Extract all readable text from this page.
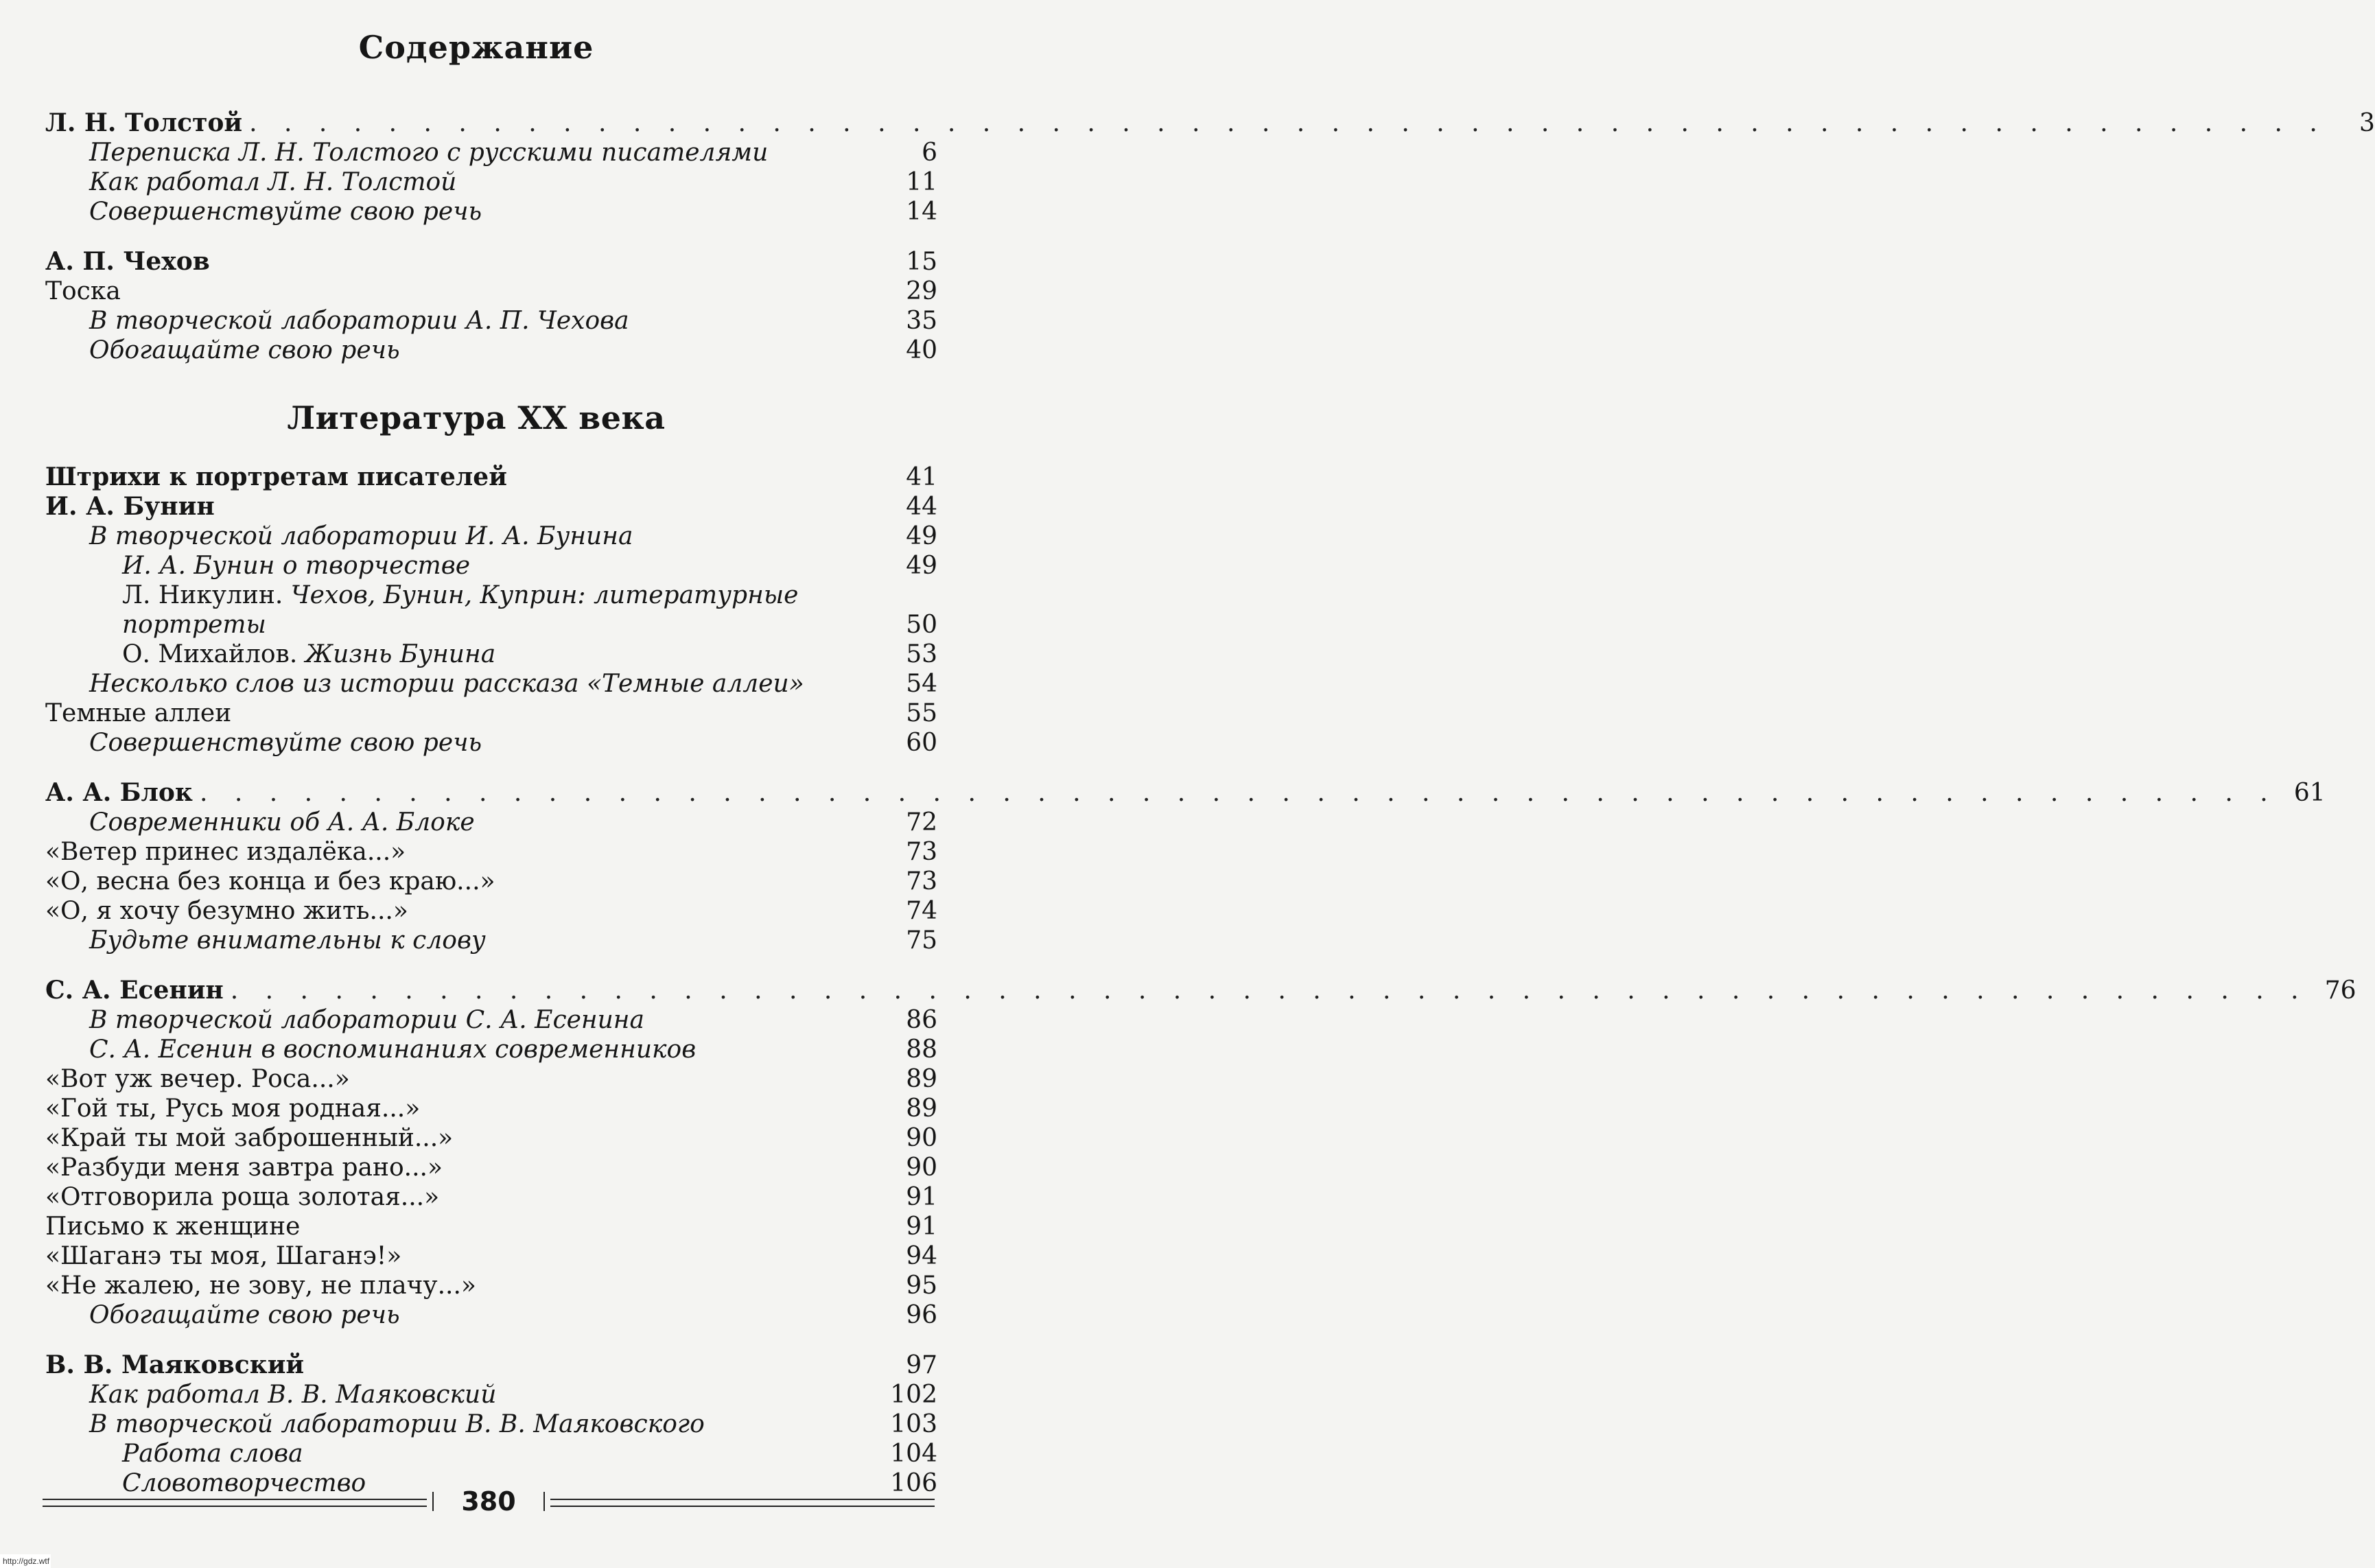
Содержание
Л. Н. Толстой . . . . . . . . . . . . . . . . . . . . . . . . . . . . . . . . . . . . . . . . . . . . . . . . . . . . . . . . . . . .	3
Переписка Л. Н. Толстого с русскими писателями	6
Как работал Л. Н. Толстой	11
Совершенствуйте свою речь	14
А. П. Чехов	15
Тоска	29
В творческой лаборатории А. П. Чехова	35
Обогащайте свою речь	40
Литература XX века
Штрихи к портретам писателей	41
И. А. Бунин	44
В творческой лаборатории И. А. Бунина	49
И. А. Бунин о творчестве	49
Л. Никулин. Чехов, Бунин, Куприн: литературные
портреты	50
О. Михайлов. Жизнь Бунина	53
Несколько слов из истории рассказа «Темные аллеи»	54
Темные аллеи	55
Совершенствуйте свою речь	60
А. А. Блок . . . . . . . . . . . . . . . . . . . . . . . . . . . . . . . . . . . . . . . . . . . . . . . . . . . . . . . . . . . . 61
Современники об А. А. Блоке	72
«Ветер принес издалёка...»	73
«О, весна без конца и без краю...»	73
«О, я хочу безумно жить...»	74
Будьте внимательны к слову	75
С. А. Есенин . . . . . . . . . . . . . . . . . . . . . . . . . . . . . . . . . . . . . . . . . . . . . . . . . . . . . . . . . . . . 76
В творческой лаборатории С. А. Есенина	86
С. А. Есенин в воспоминаниях современников	88
«Вот уж вечер. Роса...»	89
«Гой ты, Русь моя родная...»	89
«Край ты мой заброшенный...»	90
«Разбуди меня завтра рано...»	90
«Отговорила роща золотая...»	91
Письмо к женщине	91
«Шаганэ ты моя, Шаганэ!»	94
«Не жалею, не зову, не плачу...»	95
Обогащайте свою речь	96
В. В. Маяковский	97
Как работал В. В. Маяковский	102
В творческой лаборатории В. В. Маяковского	103
Работа слова	104
Словотворчество	106
380
http://gdz.wtf
